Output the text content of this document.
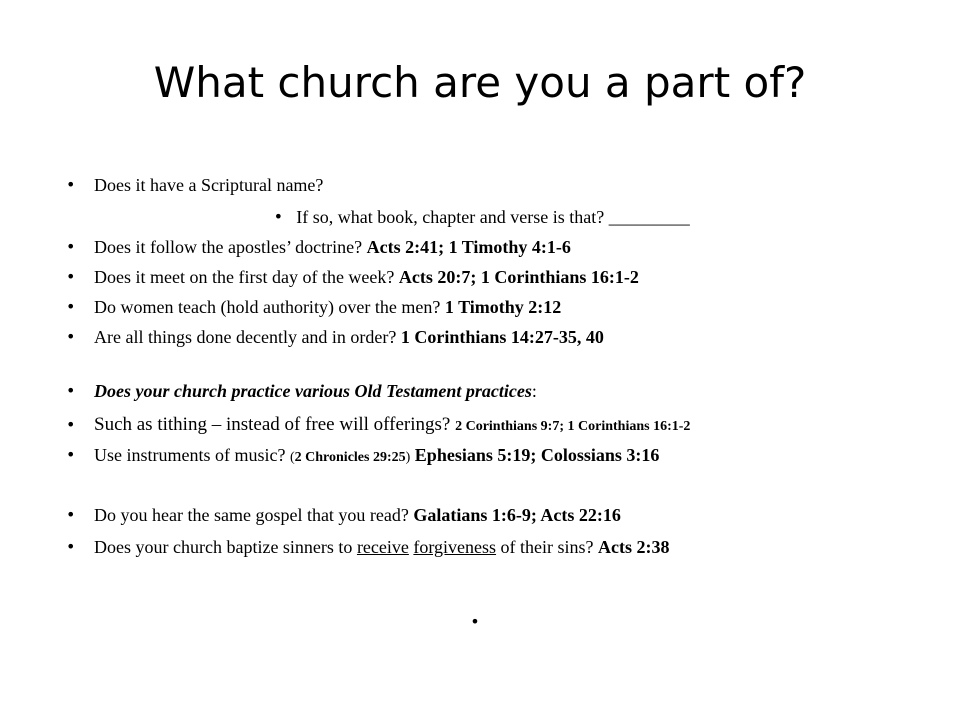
What church are you a part of?
•	Does it have a Scriptural name?
• If so, what book, chapter and verse is that? _________
•	Does it follow the apostles’ doctrine? Acts 2:41; 1 Timothy 4:1-6
•	Does it meet on the first day of the week? Acts 20:7; 1 Corinthians 16:1-2
•	Do women teach (hold authority) over the men? 1 Timothy 2:12
•	Are all things done decently and in order? 1 Corinthians 14:27-35, 40
•	Does your church practice various Old Testament practices:
• Such as tithing – instead of free will offerings? 2 Corinthians 9:7; 1 Corinthians 16:1-2
•	Use instruments of music? (2 Chronicles 29:25) Ephesians 5:19; Colossians 3:16
•	Do you hear the same gospel that you read? Galatians 1:6-9; Acts 22:16
•	Does your church baptize sinners to receive forgiveness of their sins? Acts 2:38
•
